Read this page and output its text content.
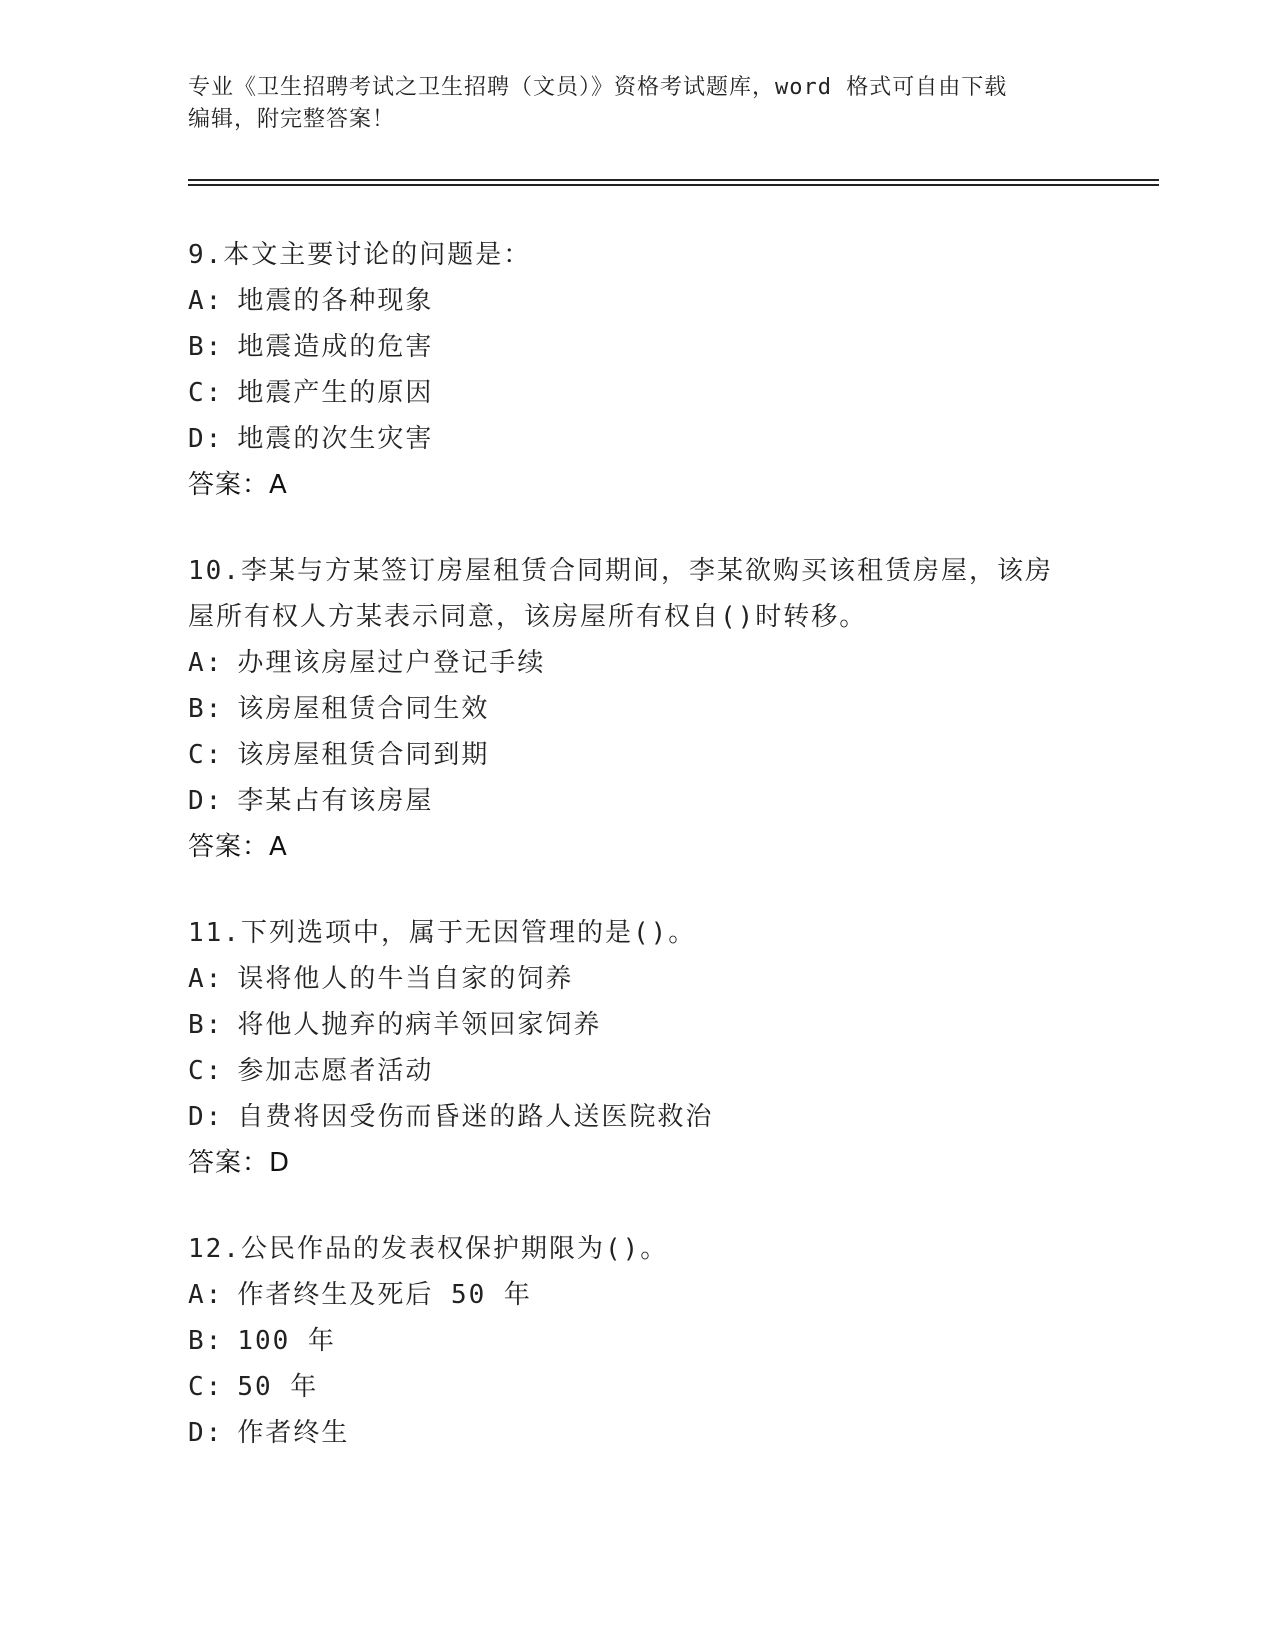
专业《卫生招聘考试之卫生招聘（文员）》资格考试题库，word 格式可自由下载
编辑，附完整答案！
9.本文主要讨论的问题是：
A: 地震的各种现象
B: 地震造成的危害
C: 地震产生的原因
D: 地震的次生灾害
答案：A
10.李某与方某签订房屋租赁合同期间，李某欲购买该租赁房屋，该房
屋所有权人方某表示同意，该房屋所有权自()时转移。
A: 办理该房屋过户登记手续
B: 该房屋租赁合同生效
C: 该房屋租赁合同到期
D: 李某占有该房屋
答案：A
11.下列选项中，属于无因管理的是()。
A: 误将他人的牛当自家的饲养
B: 将他人抛弃的病羊领回家饲养
C: 参加志愿者活动
D: 自费将因受伤而昏迷的路人送医院救治
答案：D
12.公民作品的发表权保护期限为()。
A: 作者终生及死后 50 年
B: 100 年
C: 50 年
D: 作者终生
